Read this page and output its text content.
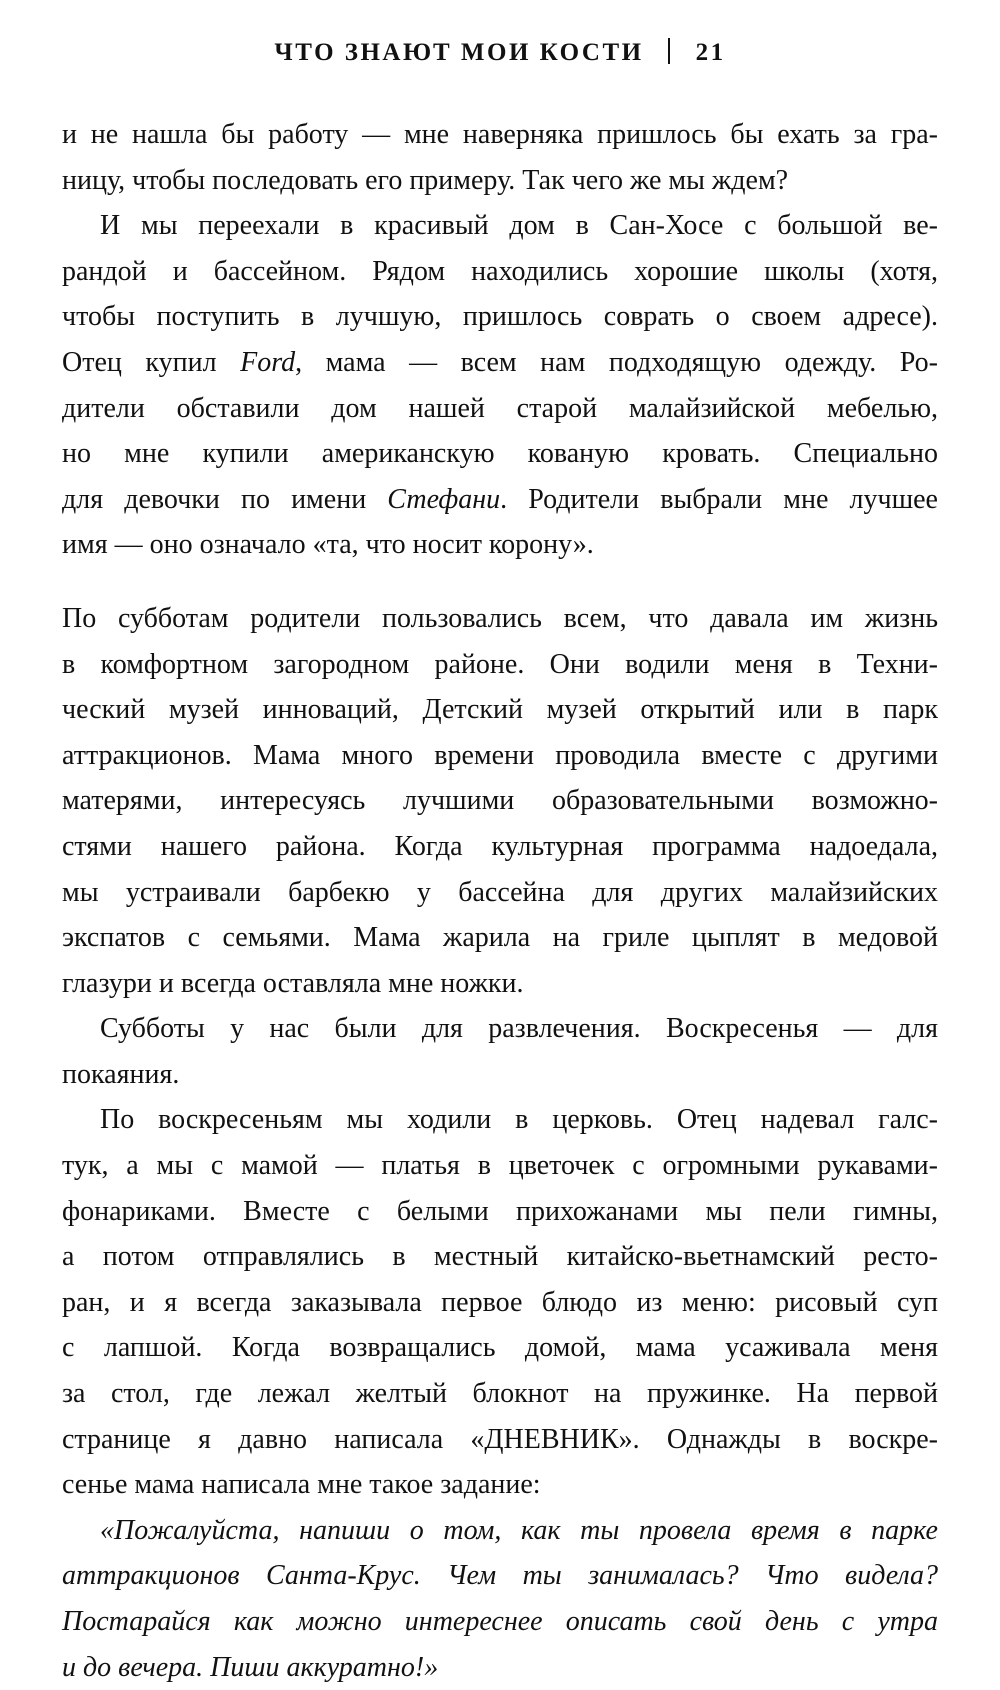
ЧТО ЗНАЮТ МОИ КОСТИ 21
и не нашла бы работу — мне наверняка пришлось бы ехать за гра-
ницу, чтобы последовать его примеру. Так чего же мы ждем?
И мы переехали в красивый дом в Сан-Хосе с большой ве-
рандой и бассейном. Рядом находились хорошие школы (хотя,
чтобы поступить в лучшую, пришлось соврать о своем адресе).
Отец купил Ford, мама — всем нам подходящую одежду. Ро-
дители обставили дом нашей старой малайзийской мебелью,
но мне купили американскую кованую кровать. Специально
для девочки по имени Стефани. Родители выбрали мне лучшее
имя — оно означало «та, что носит корону».
По субботам родители пользовались всем, что давала им жизнь
в комфортном загородном районе. Они водили меня в Техни-
ческий музей инноваций, Детский музей открытий или в парк
аттракционов. Мама много времени проводила вместе с другими
матерями, интересуясь лучшими образовательными возможно-
стями нашего района. Когда культурная программа надоедала,
мы устраивали барбекю у бассейна для других малайзийских
экспатов с семьями. Мама жарила на гриле цыплят в медовой
глазури и всегда оставляла мне ножки.
Субботы у нас были для развлечения. Воскресенья — для
покаяния.
По воскресеньям мы ходили в церковь. Отец надевал галс-
тук, а мы с мамой — платья в цветочек с огромными рукавами-
фонариками. Вместе с белыми прихожанами мы пели гимны,
а потом отправлялись в местный китайско-вьетнамский ресто-
ран, и я всегда заказывала первое блюдо из меню: рисовый суп
с лапшой. Когда возвращались домой, мама усаживала меня
за стол, где лежал желтый блокнот на пружинке. На первой
странице я давно написала «ДНЕВНИК». Однажды в воскре-
сенье мама написала мне такое задание:
«Пожалуйста, напиши о том, как ты провела время в парке
аттракционов Санта-Крус. Чем ты занималась? Что видела?
Постарайся как можно интереснее описать свой день с утра
и до вечера. Пиши аккуратно!»
